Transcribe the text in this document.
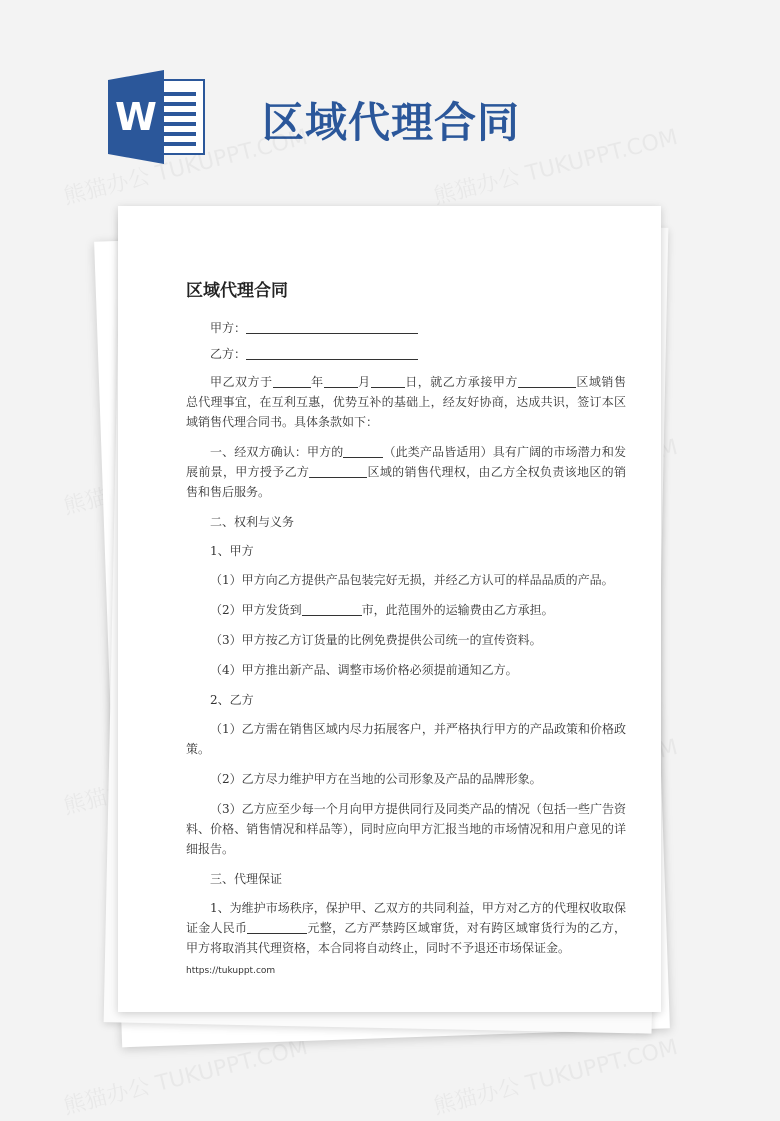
W	区域代理合同
区域代理合同

甲方：

乙方：

甲乙双方于	年	月	日，就乙方承接甲方	区域销售总代理事宜，在互利互惠，优势互补的基础上，经友好协商，达成共识，签订本区域销售代理合同书。具体条款如下：

一、经双方确认：甲方的	（此类产品皆适用）具有广阔的市场潜力和发展前景，甲方授予乙方	区域的销售代理权，由乙方全权负责该地区的销售和售后服务。

二、权利与义务

1、甲方

（1）甲方向乙方提供产品包装完好无损，并经乙方认可的样品品质的产品。

（2）甲方发货到	市，此范围外的运输费由乙方承担。

（3）甲方按乙方订货量的比例免费提供公司统一的宣传资料。

（4）甲方推出新产品、调整市场价格必须提前通知乙方。

2、乙方

（1）乙方需在销售区域内尽力拓展客户，并严格执行甲方的产品政策和价格政策。

（2）乙方尽力维护甲方在当地的公司形象及产品的品牌形象。

（3）乙方应至少每一个月向甲方提供同行及同类产品的情况（包括一些广告资料、价格、销售情况和样品等），同时应向甲方汇报当地的市场情况和用户意见的详细报告。

三、代理保证

1、为维护市场秩序，保护甲、乙双方的共同利益，甲方对乙方的代理权收取保证金人民币	元整，乙方严禁跨区域窜货，对有跨区域窜货行为的乙方，甲方将取消其代理资格，本合同将自动终止，同时不予退还市场保证金。

https://tukuppt.com
